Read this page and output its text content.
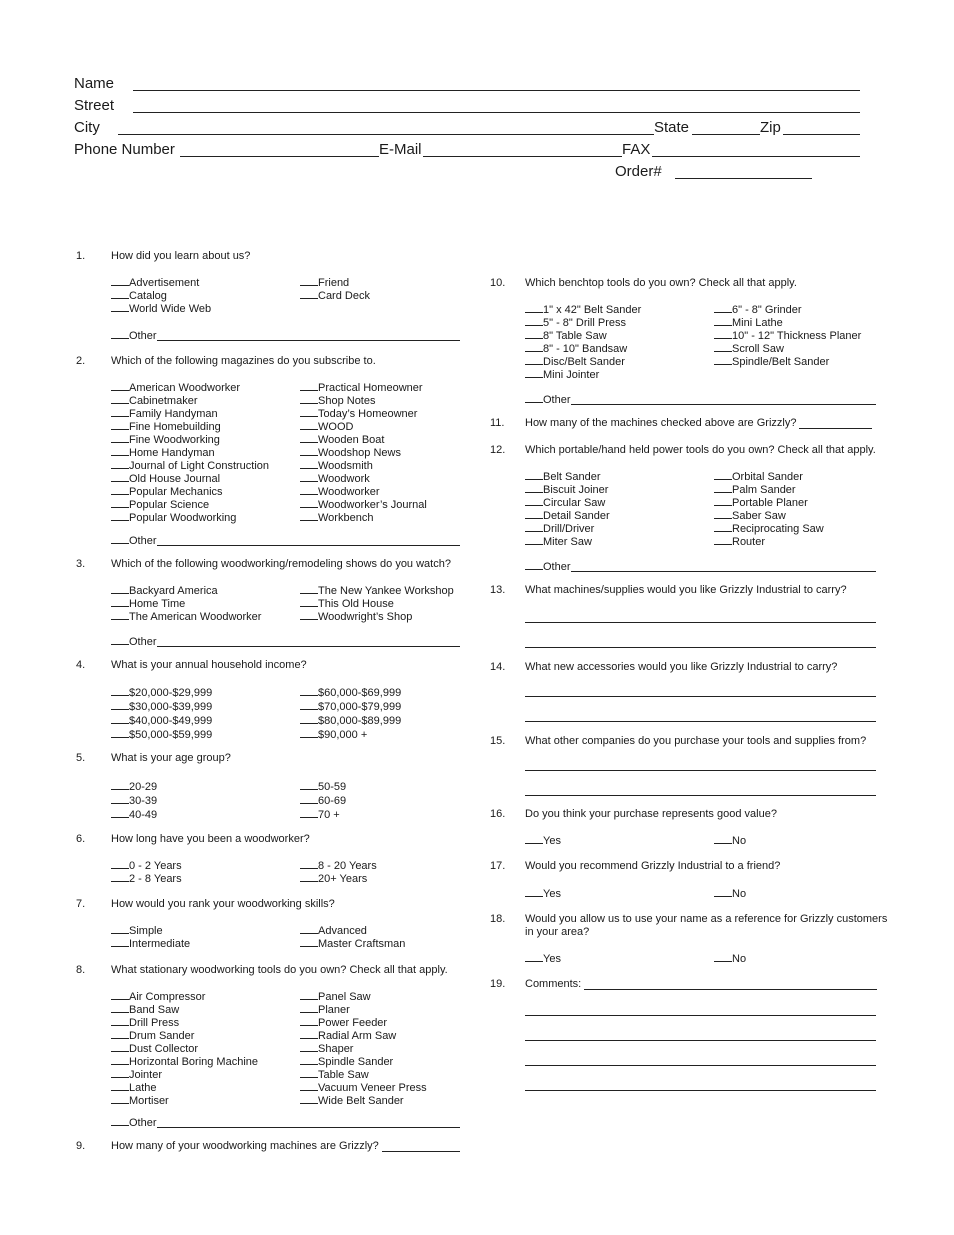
Name
Street
City	State	Zip
Phone Number	E-Mail	FAX
Order#
1. How did you learn about us?
Advertisement
Catalog
World Wide Web
Friend
Card Deck
Other
2. Which of the following magazines do you subscribe to.
American Woodworker
Cabinetmaker
Family Handyman
Fine Homebuilding
Fine Woodworking
Home Handyman
Journal of Light Construction
Old House Journal
Popular Mechanics
Popular Science
Popular Woodworking
Practical Homeowner
Shop Notes
Today’s Homeowner
WOOD
Wooden Boat
Woodshop News
Woodsmith
Woodwork
Woodworker
Woodworker’s Journal
Workbench
Other
3. Which of the following woodworking/remodeling shows do you watch?
Backyard America
Home Time
The American Woodworker
The New Yankee Workshop
This Old House
Woodwright’s Shop
Other
4. What is your annual household income?
$20,000-$29,999
$30,000-$39,999
$40,000-$49,999
$50,000-$59,999
$60,000-$69,999
$70,000-$79,999
$80,000-$89,999
$90,000 +
5. What is your age group?
20-29
30-39
40-49
50-59
60-69
70 +
6. How long have you been a woodworker?
0 - 2 Years
2 - 8 Years
8 - 20 Years
20+ Years
7. How would you rank your woodworking skills?
Simple
Intermediate
Advanced
Master Craftsman
8. What stationary woodworking tools do you own? Check all that apply.
Air Compressor
Band Saw
Drill Press
Drum Sander
Dust Collector
Horizontal Boring Machine
Jointer
Lathe
Mortiser
Panel Saw
Planer
Power Feeder
Radial Arm Saw
Shaper
Spindle Sander
Table Saw
Vacuum Veneer Press
Wide Belt Sander
Other
9. How many of your woodworking machines are Grizzly?
10. Which benchtop tools do you own? Check all that apply.
1" x 42" Belt Sander
5" - 8" Drill Press
8" Table Saw
8" - 10" Bandsaw
Disc/Belt Sander
Mini Jointer
6" - 8" Grinder
Mini Lathe
10" - 12" Thickness Planer
Scroll Saw
Spindle/Belt Sander
Other
11. How many of the machines checked above are Grizzly?
12. Which portable/hand held power tools do you own? Check all that apply.
Belt Sander
Biscuit Joiner
Circular Saw
Detail Sander
Drill/Driver
Miter Saw
Orbital Sander
Palm Sander
Portable Planer
Saber Saw
Reciprocating Saw
Router
Other
13. What machines/supplies would you like Grizzly Industrial to carry?
14. What new accessories would you like Grizzly Industrial to carry?
15. What other companies do you purchase your tools and supplies from?
16. Do you think your purchase represents good value?
Yes	No
17. Would you recommend Grizzly Industrial to a friend?
Yes	No
18. Would you allow us to use your name as a reference for Grizzly customers
in your area?
Yes	No
19. Comments:
